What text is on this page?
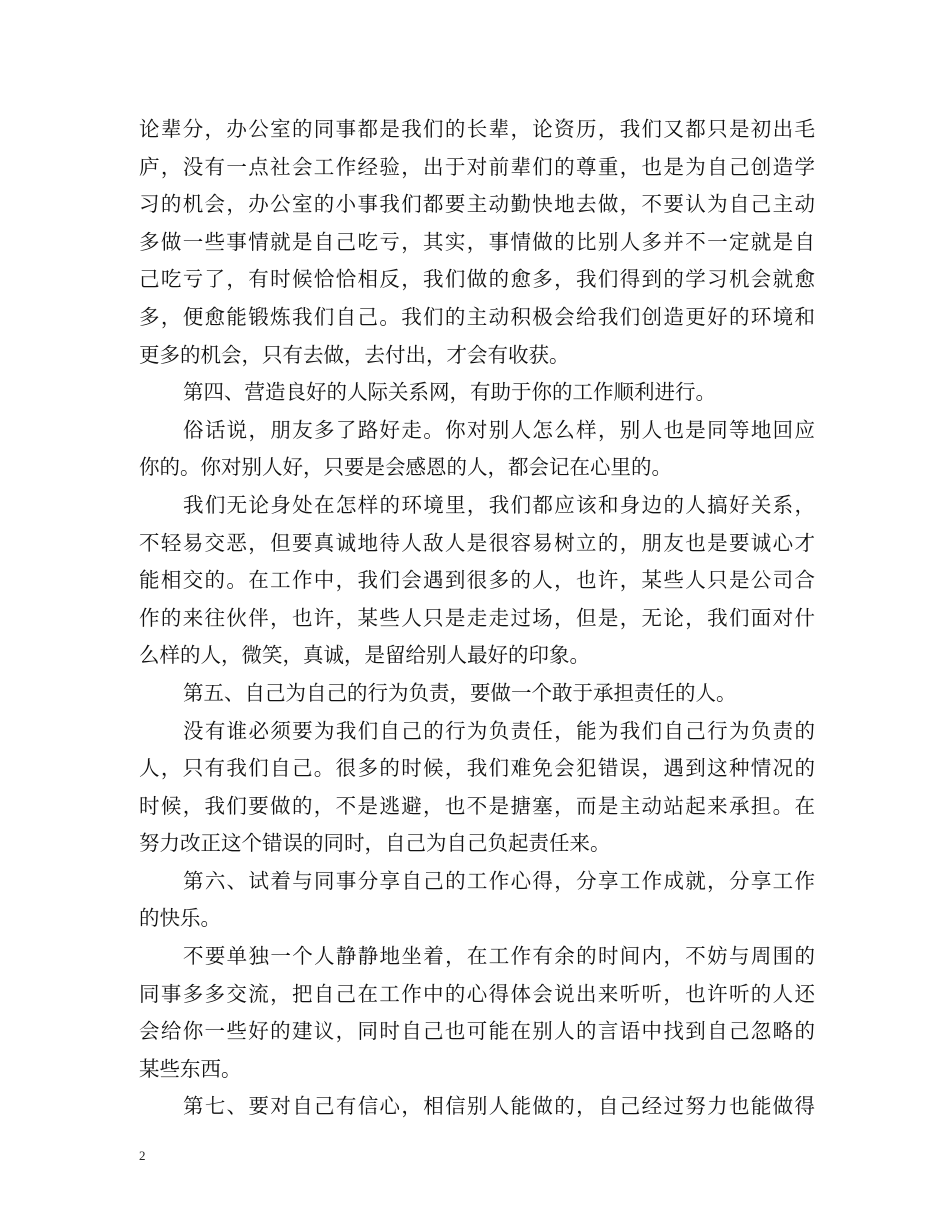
论辈分，办公室的同事都是我们的长辈，论资历，我们又都只是初出毛
庐，没有一点社会工作经验，出于对前辈们的尊重，也是为自己创造学
习的机会，办公室的小事我们都要主动勤快地去做，不要认为自己主动
多做一些事情就是自己吃亏，其实，事情做的比别人多并不一定就是自
己吃亏了，有时候恰恰相反，我们做的愈多，我们得到的学习机会就愈
多，便愈能锻炼我们自己。我们的主动积极会给我们创造更好的环境和
更多的机会，只有去做，去付出，才会有收获。
第四、营造良好的人际关系网，有助于你的工作顺利进行。
俗话说，朋友多了路好走。你对别人怎么样，别人也是同等地回应
你的。你对别人好，只要是会感恩的人，都会记在心里的。
我们无论身处在怎样的环境里，我们都应该和身边的人搞好关系，
不轻易交恶，但要真诚地待人敌人是很容易树立的，朋友也是要诚心才
能相交的。在工作中，我们会遇到很多的人，也许，某些人只是公司合
作的来往伙伴，也许，某些人只是走走过场，但是，无论，我们面对什
么样的人，微笑，真诚，是留给别人最好的印象。
第五、自己为自己的行为负责，要做一个敢于承担责任的人。
没有谁必须要为我们自己的行为负责任，能为我们自己行为负责的
人，只有我们自己。很多的时候，我们难免会犯错误，遇到这种情况的
时候，我们要做的，不是逃避，也不是搪塞，而是主动站起来承担。在
努力改正这个错误的同时，自己为自己负起责任来。
第六、试着与同事分享自己的工作心得，分享工作成就，分享工作
的快乐。
不要单独一个人静静地坐着，在工作有余的时间内，不妨与周围的
同事多多交流，把自己在工作中的心得体会说出来听听，也许听的人还
会给你一些好的建议，同时自己也可能在别人的言语中找到自己忽略的
某些东西。
第七、要对自己有信心，相信别人能做的，自己经过努力也能做得
2
